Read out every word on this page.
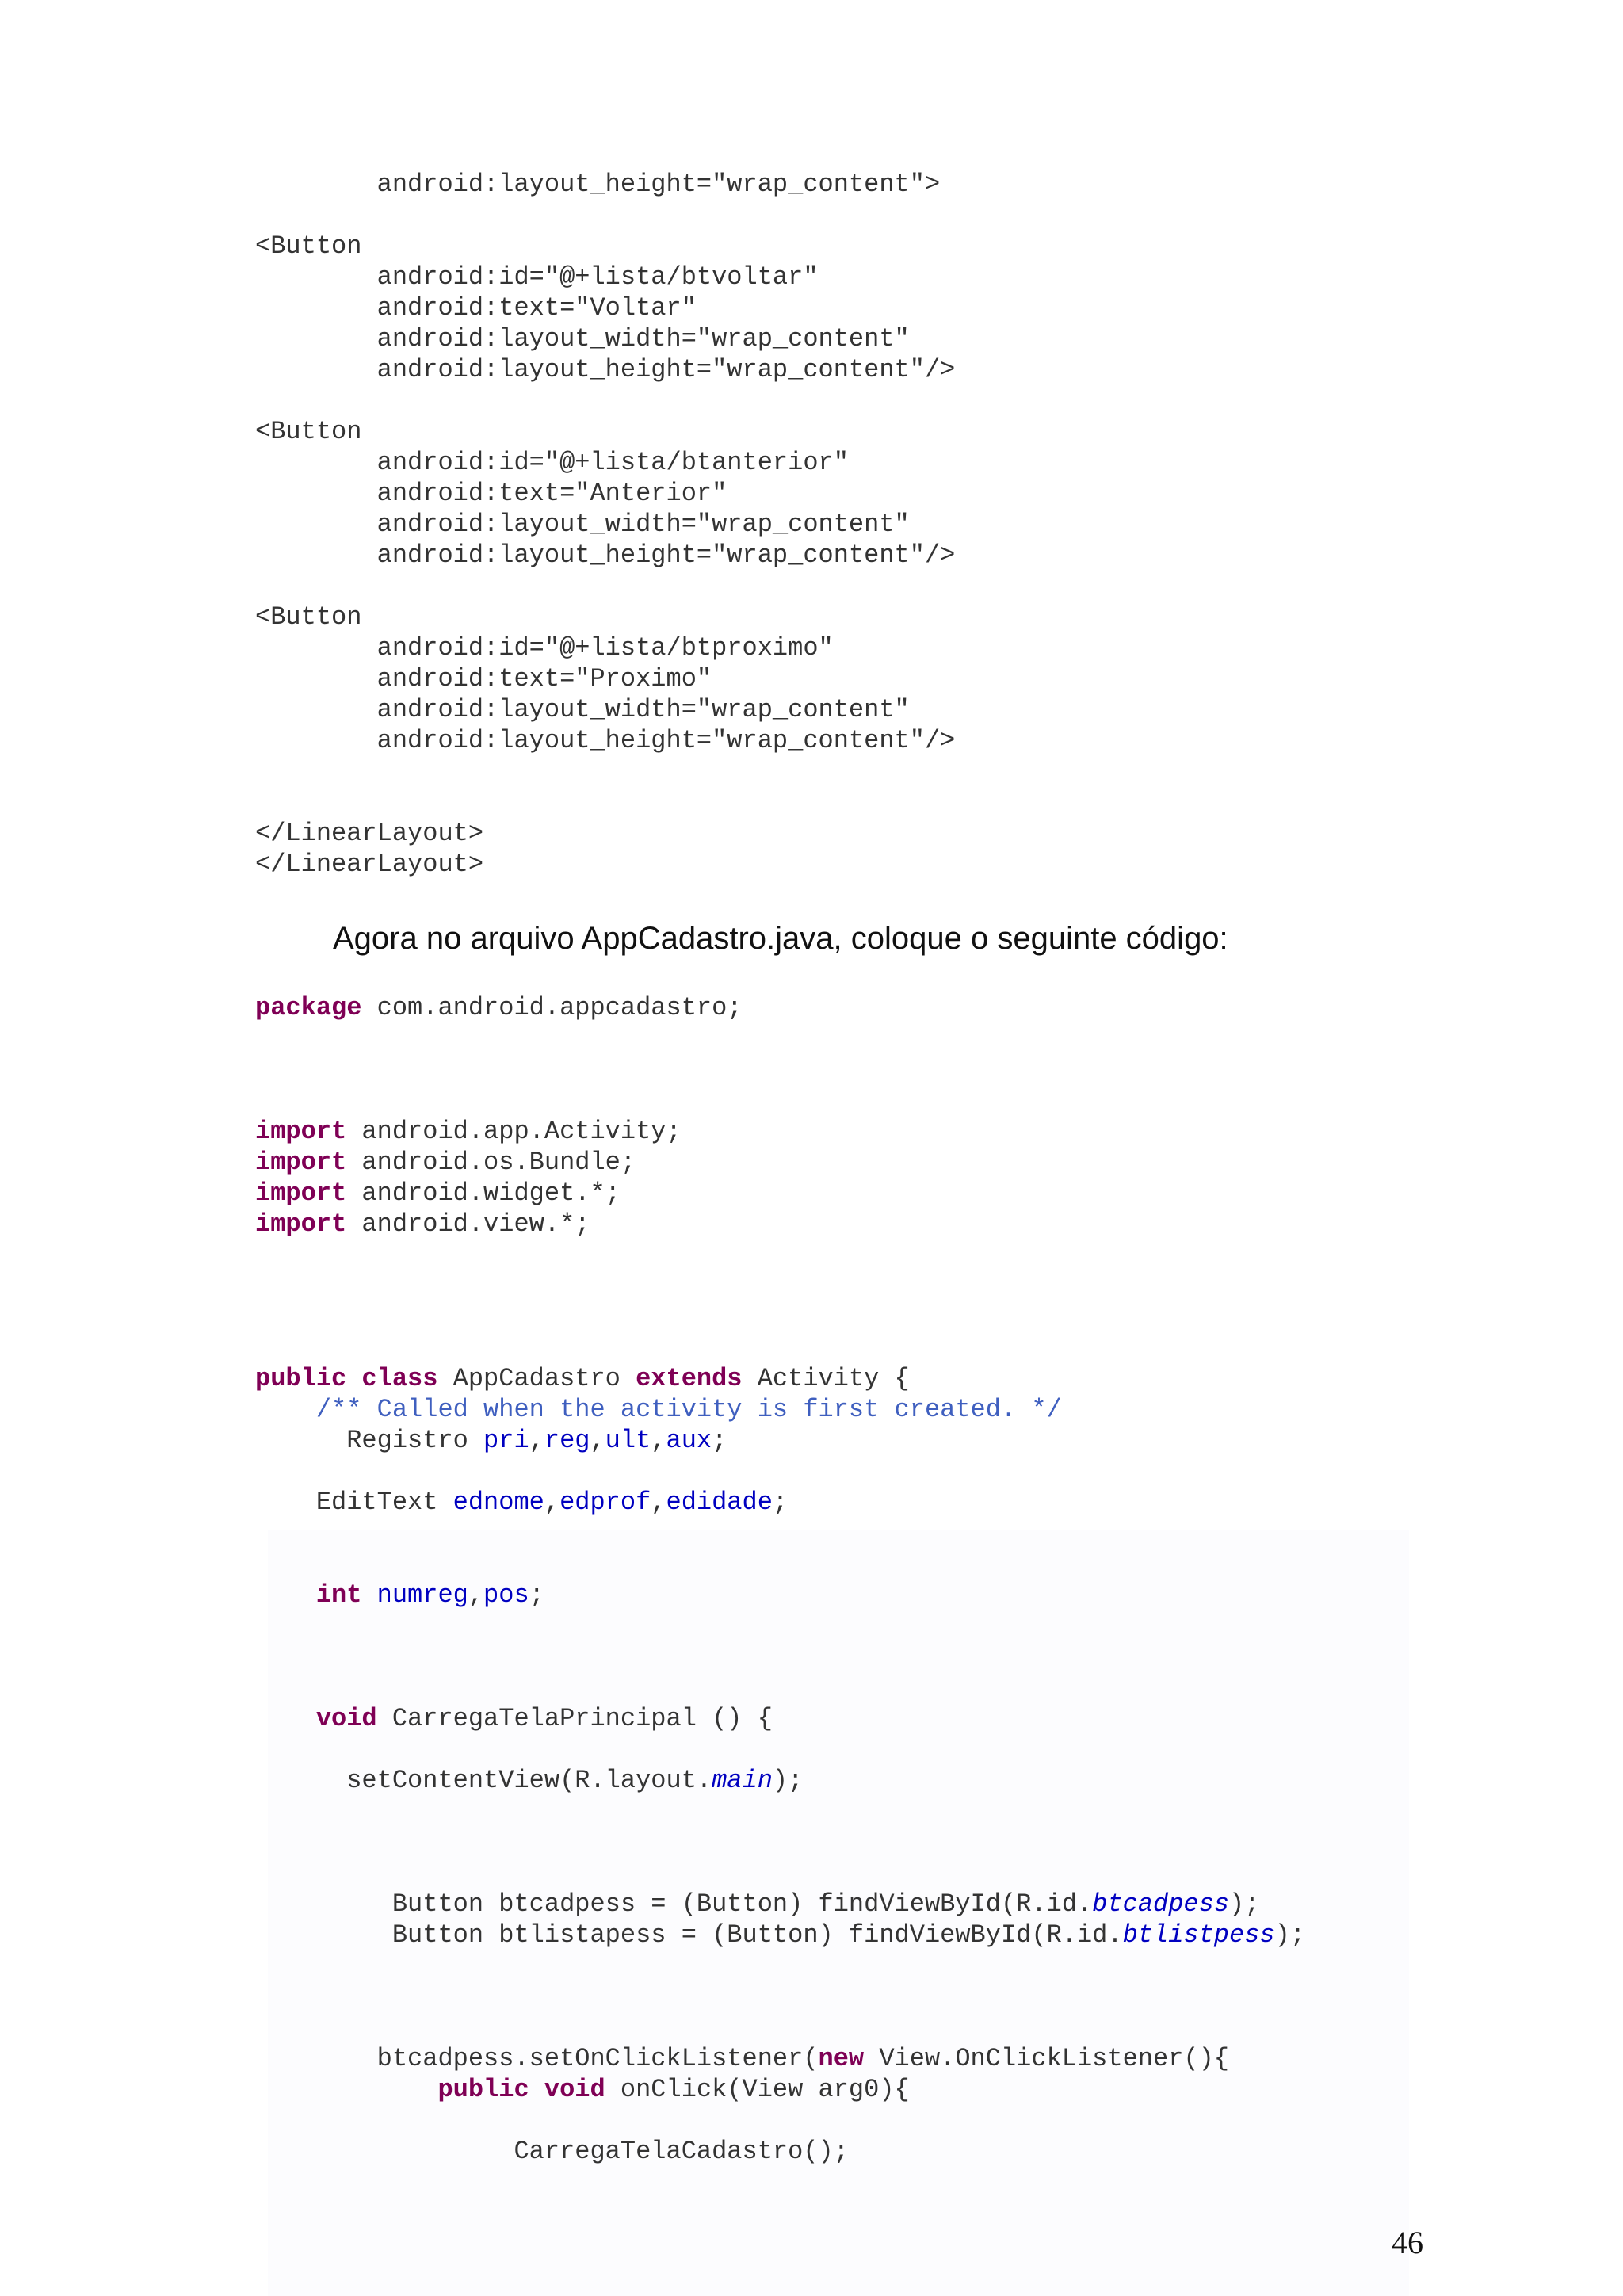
android:layout_height="wrap_content">
<Button
android:id="@+lista/btvoltar"
android:text="Voltar"
android:layout_width="wrap_content"
android:layout_height="wrap_content"/>
<Button
android:id="@+lista/btanterior"
android:text="Anterior"
android:layout_width="wrap_content"
android:layout_height="wrap_content"/>
<Button
android:id="@+lista/btproximo"
android:text="Proximo"
android:layout_width="wrap_content"
android:layout_height="wrap_content"/>
</LinearLayout>
</LinearLayout>

Agora no arquivo AppCadastro.java, coloque o seguinte código:

package com.android.appcadastro;
import android.app.Activity;
import android.os.Bundle;
import android.widget.*;
import android.view.*;
public class AppCadastro extends Activity {
/** Called when the activity is first created. */
Registro pri,reg,ult,aux;
EditText ednome,edprof,edidade;
int numreg,pos;
void CarregaTelaPrincipal () {
setContentView(R.layout.main);
Button btcadpess = (Button) findViewById(R.id.btcadpess);
Button btlistapess = (Button) findViewById(R.id.btlistpess);
btcadpess.setOnClickListener(new View.OnClickListener(){
public void onClick(View arg0){
CarregaTelaCadastro();
46
